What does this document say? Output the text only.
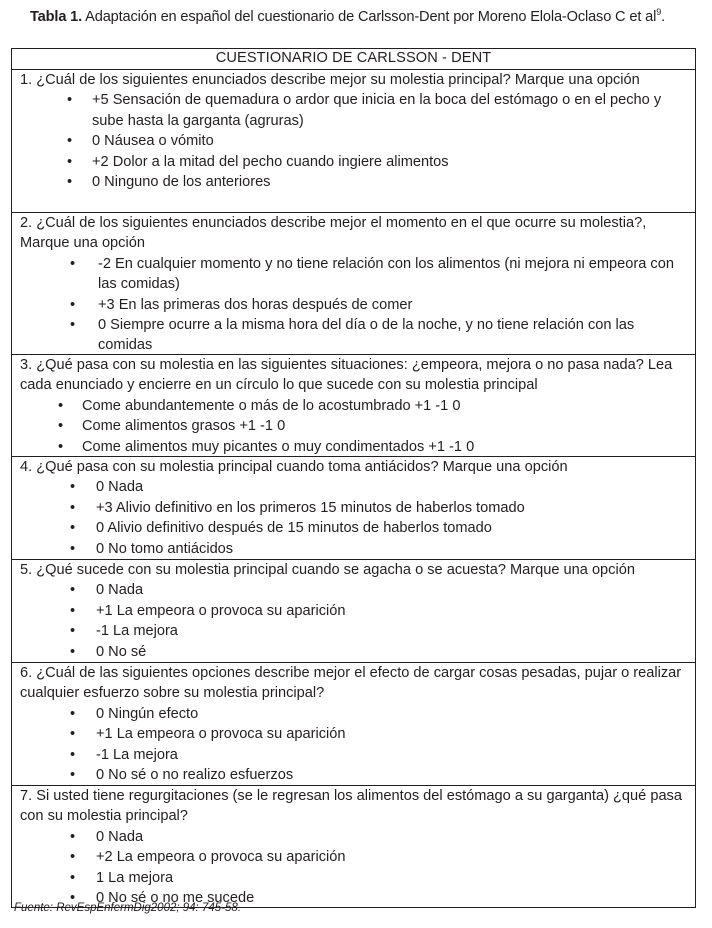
Tabla 1. Adaptación en español del cuestionario de Carlsson-Dent por Moreno Elola-Oclaso C et $al^9$.
CUESTIONARIO DE CARLSSON - DENT

1. ¿Cuál de los siguientes enunciados describe mejor su molestia principal? Marque una opción

• +5 Sensación de quemadura o ardor que inicia en la boca del estómago o en el pecho y sube hasta la garganta (agruras)
• 0 Náusea o vómito
• +2 Dolor a la mitad del pecho cuando ingiere alimentos
• 0 Ninguno de los anteriores

2. ¿Cuál de los siguientes enunciados describe mejor el momento en el que ocurre su molestia?, Marque una opción

• -2 En cualquier momento y no tiene relación con los alimentos (ni mejora ni empeora con las comidas)
• +3 En las primeras dos horas después de comer
• 0 Siempre ocurre a la misma hora del día o de la noche, y no tiene relación con las comidas

3. ¿Qué pasa con su molestia en las siguientes situaciones: ¿empeora, mejora o no pasa nada? Lea cada enunciado y encierre en un círculo lo que sucede con su molestia principal

• Come abundantemente o más de lo acostumbrado +1 -1 0
• Come alimentos grasos +1 -1 0
• Come alimentos muy picantes o muy condimentados +1 -1 0

4. ¿Qué pasa con su molestia principal cuando toma antiácidos? Marque una opción

• 0 Nada
• +3 Alivio definitivo en los primeros 15 minutos de haberlos tomado
• 0 Alivio definitivo después de 15 minutos de haberlos tomado
• 0 No tomo antiácidos

5. ¿Qué sucede con su molestia principal cuando se agacha o se acuesta? Marque una opción

• 0 Nada
• +1 La empeora o provoca su aparición
• -1 La mejora
• 0 No sé

6. ¿Cuál de las siguientes opciones describe mejor el efecto de cargar cosas pesadas, pujar o realizar cualquier esfuerzo sobre su molestia principal?

• 0 Ningún efecto
• +1 La empeora o provoca su aparición
• -1 La mejora
• 0 No sé o no realizo esfuerzos

7. Si usted tiene regurgitaciones (se le regresan los alimentos del estómago a su garganta) ¿qué pasa con su molestia principal?

• 0 Nada
• +2 La empeora o provoca su aparición
• 1 La mejora
• 0 No sé o no me sucede
Fuente: RevEspEnfermDig2002; 94: 745-58.
